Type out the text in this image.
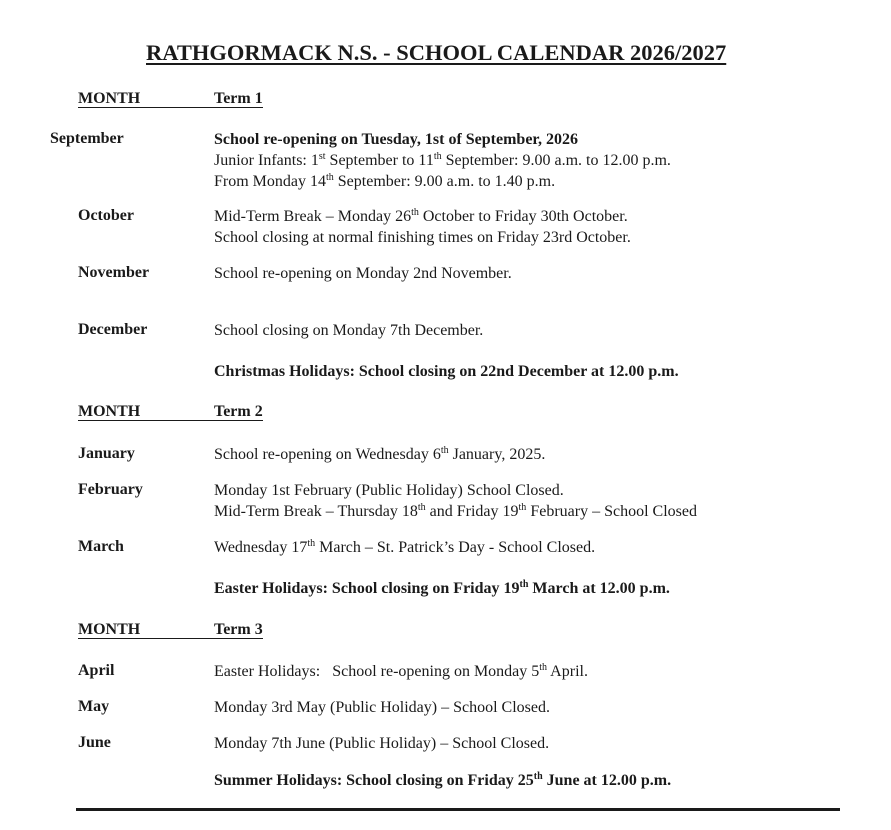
RATHGORMACK N.S. - SCHOOL CALENDAR 2026/2027
MONTH	Term 1
September	School re-opening on Tuesday, 1st of September, 2026
Junior Infants: 1st September to 11th September: 9.00 a.m. to 12.00 p.m.
From Monday 14th September: 9.00 a.m. to 1.40 p.m.
October	Mid-Term Break – Monday 26th October to Friday 30th October.
School closing at normal finishing times on Friday 23rd October.
November	School re-opening on Monday 2nd November.
December	School closing on Monday 7th December.
Christmas Holidays: School closing on 22nd December at 12.00 p.m.
MONTH	Term 2
January	School re-opening on Wednesday 6th January, 2025.
February	Monday 1st February (Public Holiday) School Closed.
Mid-Term Break – Thursday 18th and Friday 19th February – School Closed
March	Wednesday 17th March – St. Patrick’s Day - School Closed.
Easter Holidays: School closing on Friday 19th March at 12.00 p.m.
MONTH	Term 3
April	Easter Holidays:   School re-opening on Monday 5th April.
May	Monday 3rd May (Public Holiday) – School Closed.
June	Monday 7th June (Public Holiday) – School Closed.
Summer Holidays: School closing on Friday 25th June at 12.00 p.m.
